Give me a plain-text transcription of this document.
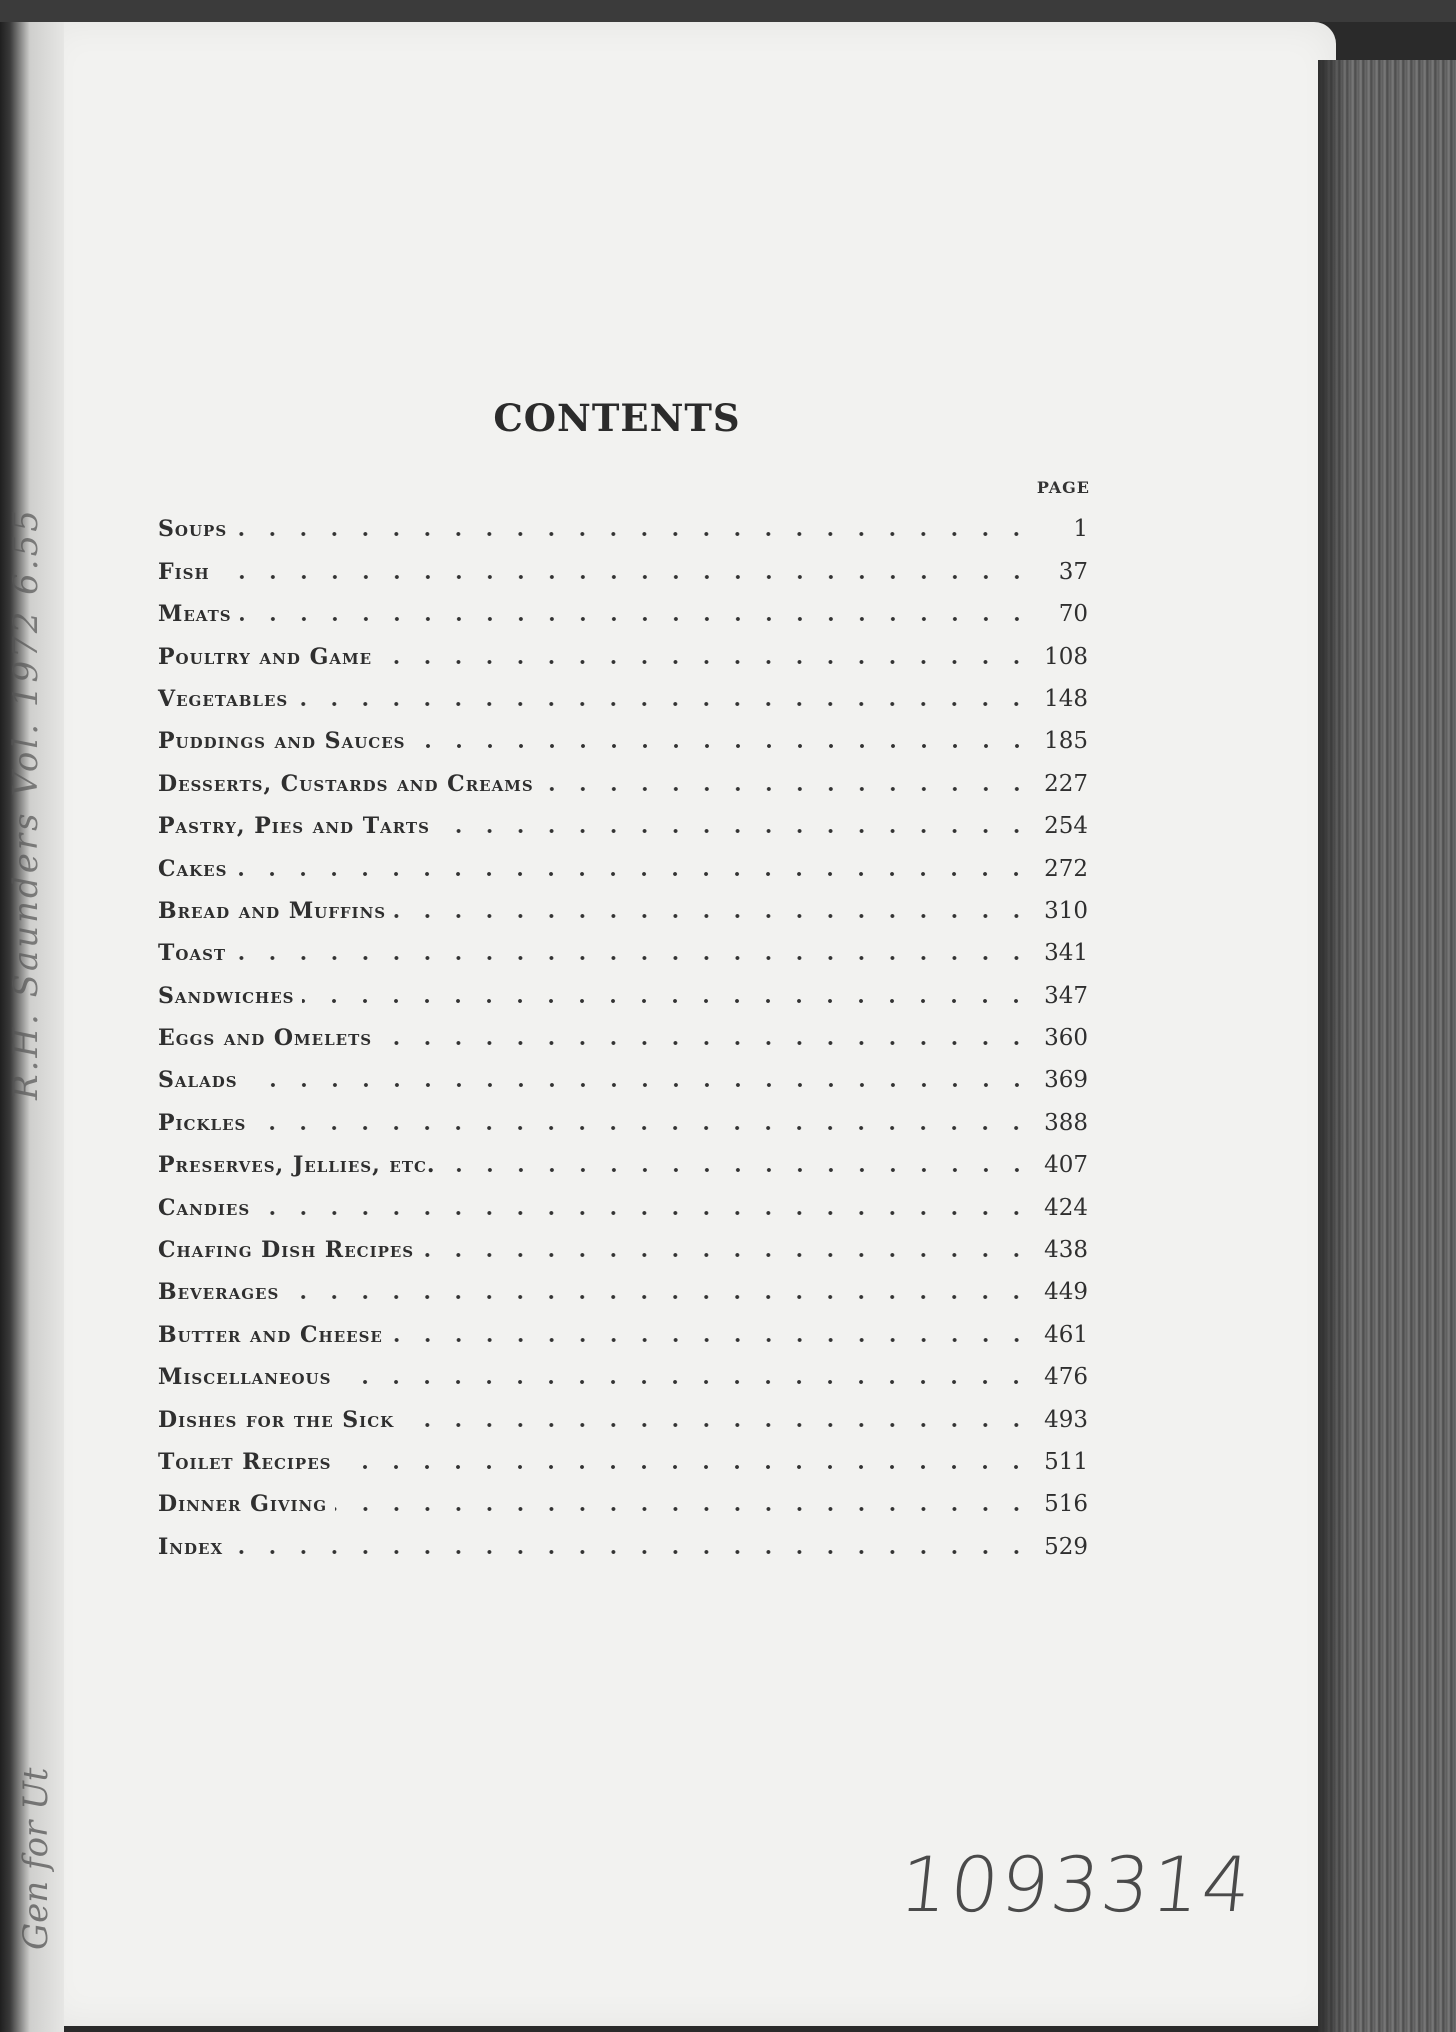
R.H. Saunders Vol. 1972 6.55
Gen for Ut
CONTENTS
PAGE
Soups	1
Fish	37
Meats	70
Poultry and Game	108
Vegetables	148
Puddings and Sauces	185
Desserts, Custards and Creams	227
Pastry, Pies and Tarts	254
Cakes	272
Bread and Muffins	310
Toast	341
Sandwiches	347
Eggs and Omelets	360
Salads	369
Pickles	388
Preserves, Jellies, etc.	407
Candies	424
Chafing Dish Recipes	438
Beverages	449
Butter and Cheese	461
Miscellaneous	476
Dishes for the Sick	493
Toilet Recipes	511
Dinner Giving	516
Index	529
1093314
